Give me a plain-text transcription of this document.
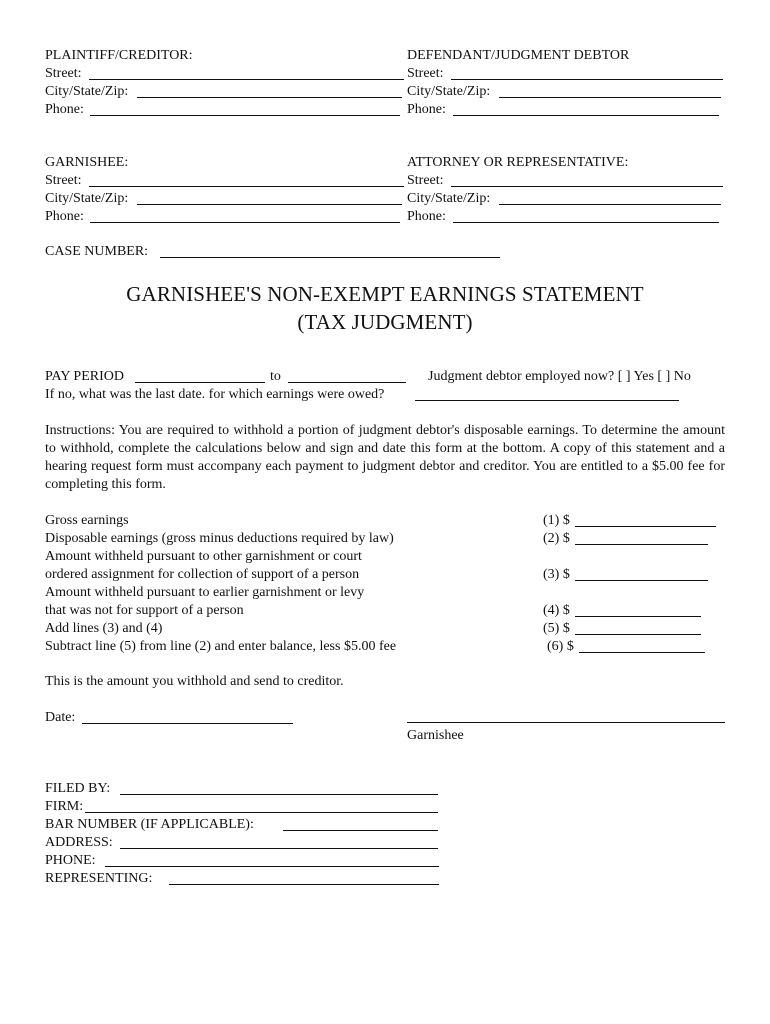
PLAINTIFF/CREDITOR:
Street:
City/State/Zip:
Phone:
DEFENDANT/JUDGMENT DEBTOR
Street:
City/State/Zip:
Phone:
GARNISHEE:
Street:
City/State/Zip:
Phone:
ATTORNEY OR REPRESENTATIVE:
Street:
City/State/Zip:
Phone:
CASE NUMBER:
GARNISHEE'S NON-EXEMPT EARNINGS STATEMENT
(TAX JUDGMENT)
PAY PERIOD	to	Judgment debtor employed now? [ ] Yes [ ] No
If no, what was the last date. for which earnings were owed?
Instructions: You are required to withhold a portion of judgment debtor's disposable earnings. To determine the amount to withhold, complete the calculations below and sign and date this form at the bottom. A copy of this statement and a hearing request form must accompany each payment to judgment debtor and creditor. You are entitled to a $5.00 fee for completing this form.
Gross earnings
Disposable earnings (gross minus deductions required by law)
Amount withheld pursuant to other garnishment or court
ordered assignment for collection of support of a person
Amount withheld pursuant to earlier garnishment or levy
that was not for support of a person
Add lines (3) and (4)
Subtract line (5) from line (2) and enter balance, less $5.00 fee
(1) $
(2) $
(3) $
(4) $
(5) $
(6) $
This is the amount you withhold and send to creditor.
Date:
Garnishee
FILED BY:
FIRM:
BAR NUMBER (IF APPLICABLE):
ADDRESS:
PHONE:
REPRESENTING:
